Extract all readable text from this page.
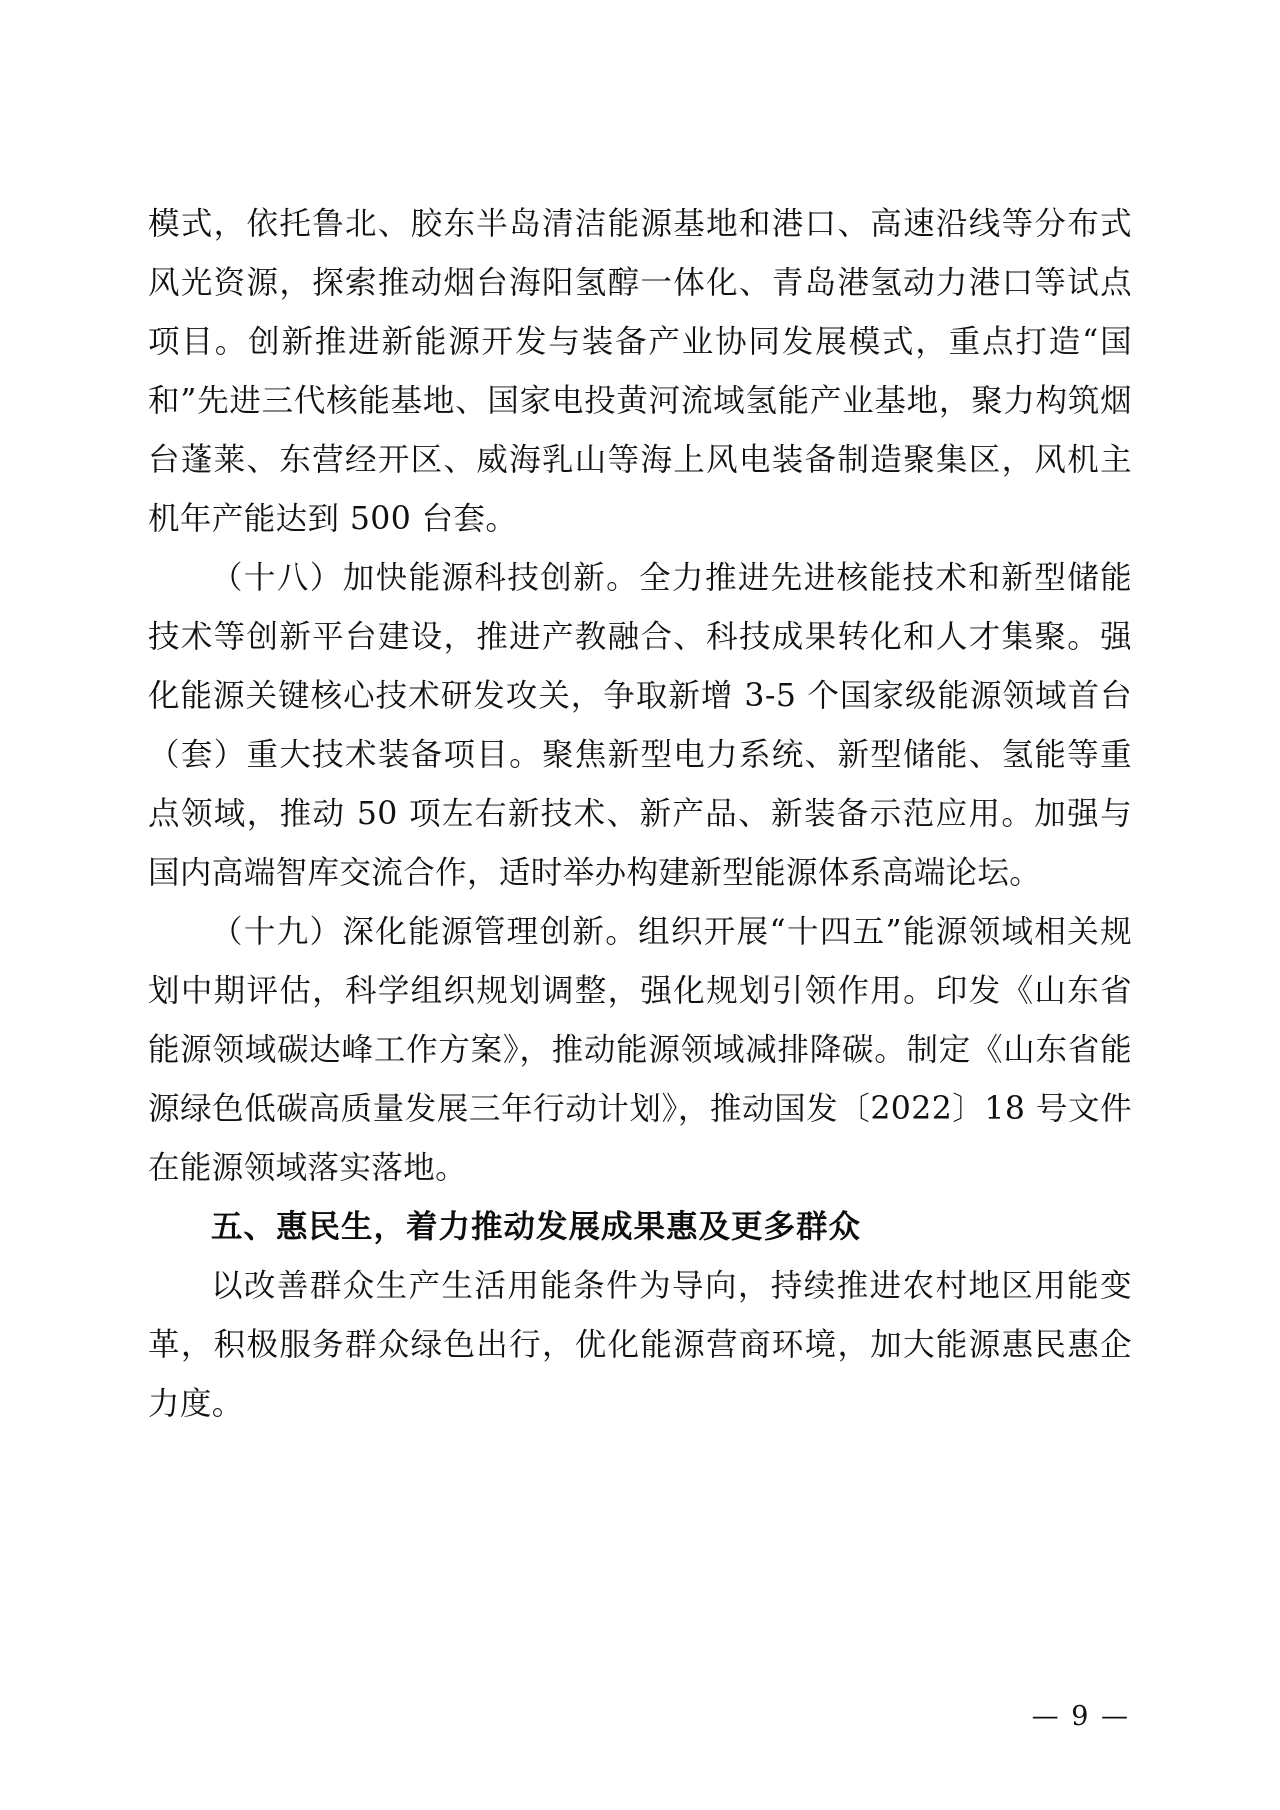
模式，依托鲁北、胶东半岛清洁能源基地和港口、高速沿线等分布式风光资源，探索推动烟台海阳氢醇一体化、青岛港氢动力港口等试点项目。创新推进新能源开发与装备产业协同发展模式，重点打造“国和”先进三代核能基地、国家电投黄河流域氢能产业基地，聚力构筑烟台蓬莱、东营经开区、威海乳山等海上风电装备制造聚集区，风机主机年产能达到 500 台套。

（十八）加快能源科技创新。全力推进先进核能技术和新型储能技术等创新平台建设，推进产教融合、科技成果转化和人才集聚。强化能源关键核心技术研发攻关，争取新增 3-5 个国家级能源领域首台（套）重大技术装备项目。聚焦新型电力系统、新型储能、氢能等重点领域，推动 50 项左右新技术、新产品、新装备示范应用。加强与国内高端智库交流合作，适时举办构建新型能源体系高端论坛。

（十九）深化能源管理创新。组织开展“十四五”能源领域相关规划中期评估，科学组织规划调整，强化规划引领作用。印发《山东省能源领域碳达峰工作方案》，推动能源领域减排降碳。制定《山东省能源绿色低碳高质量发展三年行动计划》，推动国发〔2022〕18 号文件在能源领域落实落地。

五、惠民生，着力推动发展成果惠及更多群众

以改善群众生产生活用能条件为导向，持续推进农村地区用能变革，积极服务群众绿色出行，优化能源营商环境，加大能源惠民惠企力度。

— 9 —
